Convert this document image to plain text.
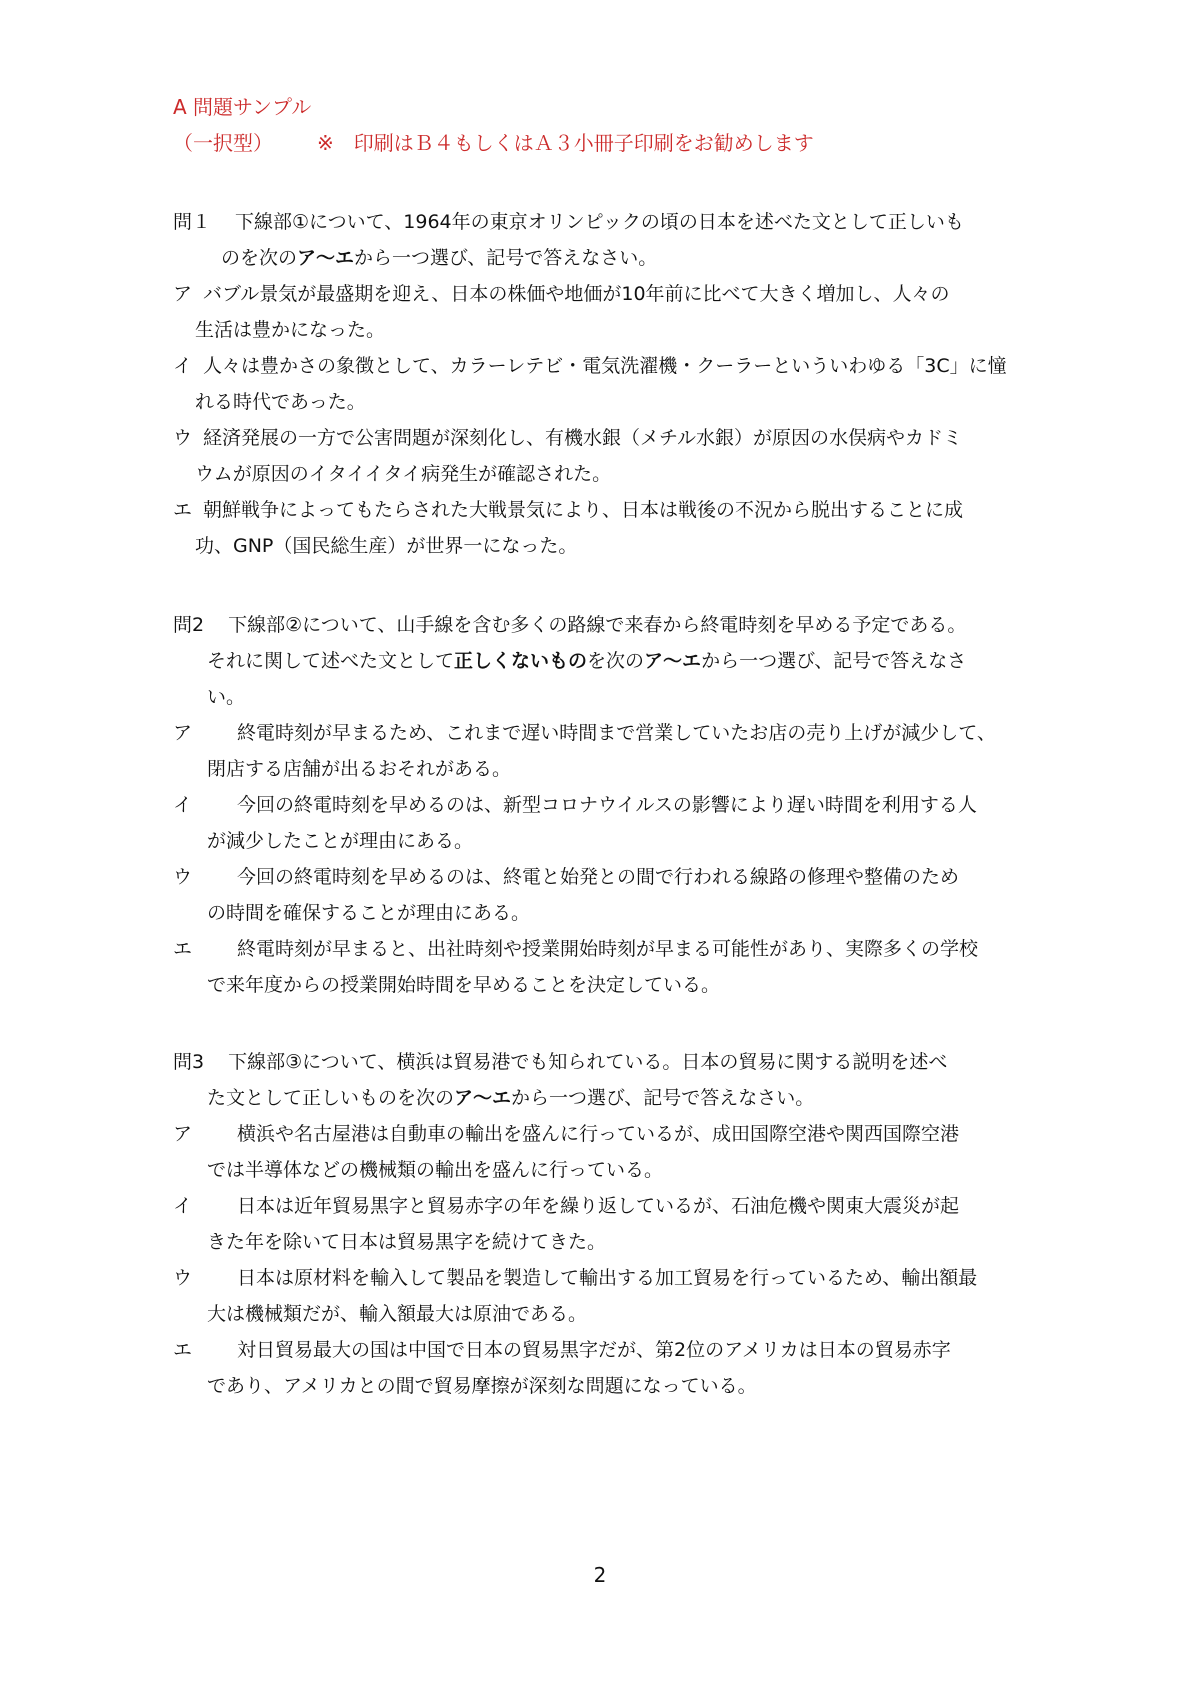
A 問題サンプル
（一択型） ※　印刷はＢ４もしくはＡ３小冊子印刷をお勧めします
問１ 下線部①について、1964年の東京オリンピックの頃の日本を述べた文として正しいも
のを次のア～エから一つ選び、記号で答えなさい。
ア バブル景気が最盛期を迎え、日本の株価や地価が10年前に比べて大きく増加し、人々の
生活は豊かになった。
イ 人々は豊かさの象徴として、カラーレテビ・電気洗濯機・クーラーといういわゆる「3C」に憧
れる時代であった。
ウ 経済発展の一方で公害問題が深刻化し、有機水銀（メチル水銀）が原因の水俣病やカドミ
ウムが原因のイタイイタイ病発生が確認された。
エ 朝鮮戦争によってもたらされた大戦景気により、日本は戦後の不況から脱出することに成
功、GNP（国民総生産）が世界一になった。
問2 下線部②について、山手線を含む多くの路線で来春から終電時刻を早める予定である。
それに関して述べた文として正しくないものを次のア～エから一つ選び、記号で答えなさ
い。
ア 終電時刻が早まるため、これまで遅い時間まで営業していたお店の売り上げが減少して、
閉店する店舗が出るおそれがある。
イ 今回の終電時刻を早めるのは、新型コロナウイルスの影響により遅い時間を利用する人
が減少したことが理由にある。
ウ 今回の終電時刻を早めるのは、終電と始発との間で行われる線路の修理や整備のため
の時間を確保することが理由にある。
エ 終電時刻が早まると、出社時刻や授業開始時刻が早まる可能性があり、実際多くの学校
で来年度からの授業開始時間を早めることを決定している。
問3 下線部③について、横浜は貿易港でも知られている。日本の貿易に関する説明を述べ
た文として正しいものを次のア～エから一つ選び、記号で答えなさい。
ア 横浜や名古屋港は自動車の輸出を盛んに行っているが、成田国際空港や関西国際空港
では半導体などの機械類の輸出を盛んに行っている。
イ 日本は近年貿易黒字と貿易赤字の年を繰り返しているが、石油危機や関東大震災が起
きた年を除いて日本は貿易黒字を続けてきた。
ウ 日本は原材料を輸入して製品を製造して輸出する加工貿易を行っているため、輸出額最
大は機械類だが、輸入額最大は原油である。
エ 対日貿易最大の国は中国で日本の貿易黒字だが、第2位のアメリカは日本の貿易赤字
であり、アメリカとの間で貿易摩擦が深刻な問題になっている。
2
